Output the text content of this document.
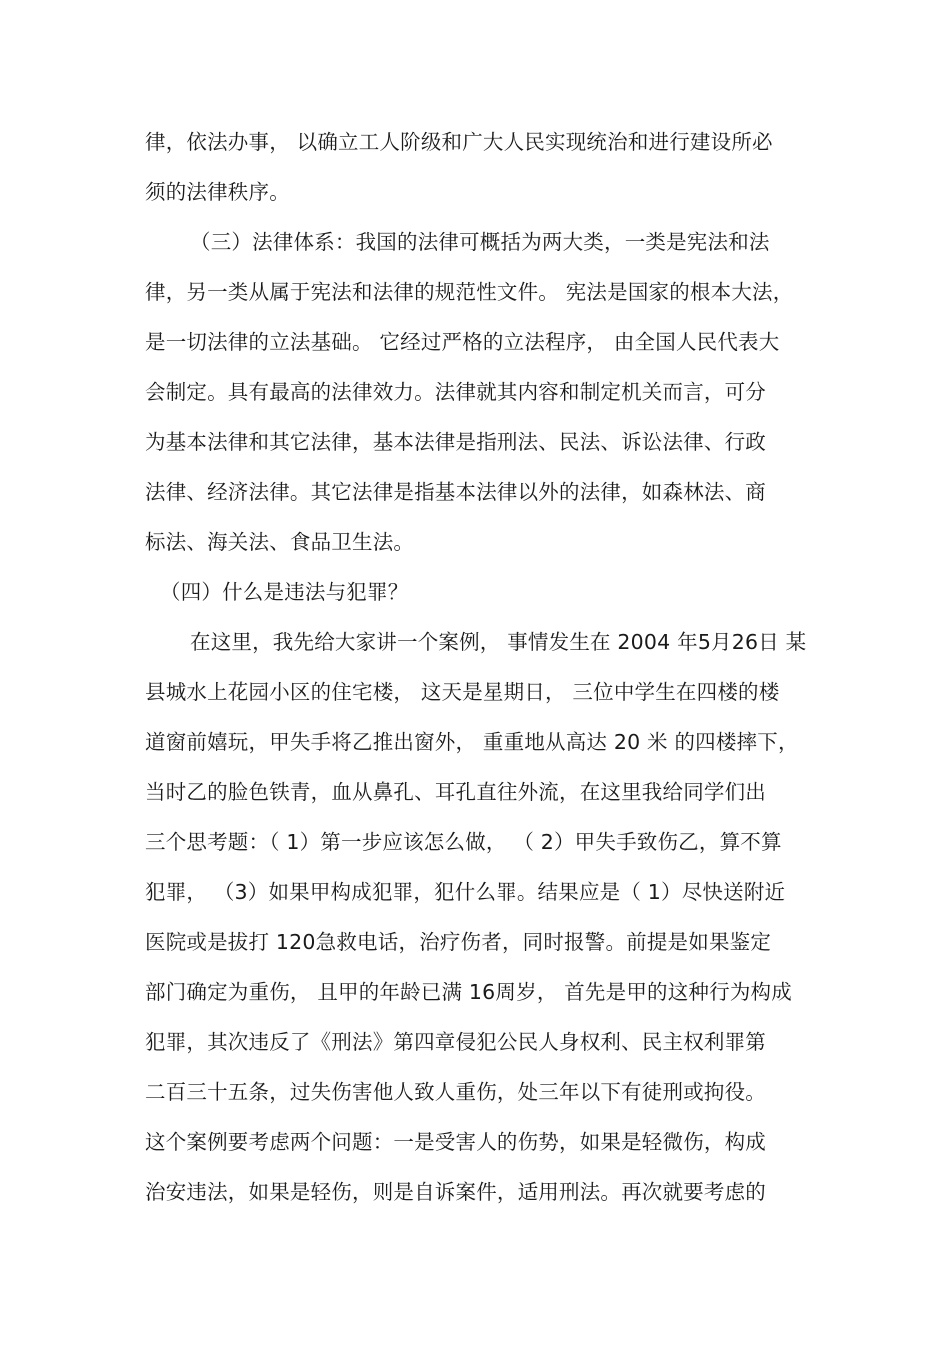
律，依法办事， 以确立工人阶级和广大人民实现统治和进行建设所必
须的法律秩序。
（三）法律体系：我国的法律可概括为两大类，一类是宪法和法
律，另一类从属于宪法和法律的规范性文件。 宪法是国家的根本大法，
是一切法律的立法基础。 它经过严格的立法程序， 由全国人民代表大
会制定。具有最高的法律效力。法律就其内容和制定机关而言，可分
为基本法律和其它法律，基本法律是指刑法、民法、诉讼法律、行政
法律、经济法律。其它法律是指基本法律以外的法律，如森林法、商
标法、海关法、食品卫生法。
（四）什么是违法与犯罪？
在这里，我先给大家讲一个案例， 事情发生在 2004 年5月26日 某
县城水上花园小区的住宅楼， 这天是星期日， 三位中学生在四楼的楼
道窗前嬉玩，甲失手将乙推出窗外， 重重地从高达 20 米 的四楼摔下，
当时乙的脸色铁青，血从鼻孔、耳孔直往外流，在这里我给同学们出
三个思考题：（ 1）第一步应该怎么做， （ 2）甲失手致伤乙，算不算
犯罪， （3）如果甲构成犯罪，犯什么罪。结果应是（ 1）尽快送附近
医院或是拔打 120急救电话，治疗伤者，同时报警。前提是如果鉴定
部门确定为重伤， 且甲的年龄已满 16周岁， 首先是甲的这种行为构成
犯罪，其次违反了《刑法》第四章侵犯公民人身权利、民主权利罪第
二百三十五条，过失伤害他人致人重伤，处三年以下有徒刑或拘役。
这个案例要考虑两个问题：一是受害人的伤势，如果是轻微伤，构成
治安违法，如果是轻伤，则是自诉案件，适用刑法。再次就要考虑的
